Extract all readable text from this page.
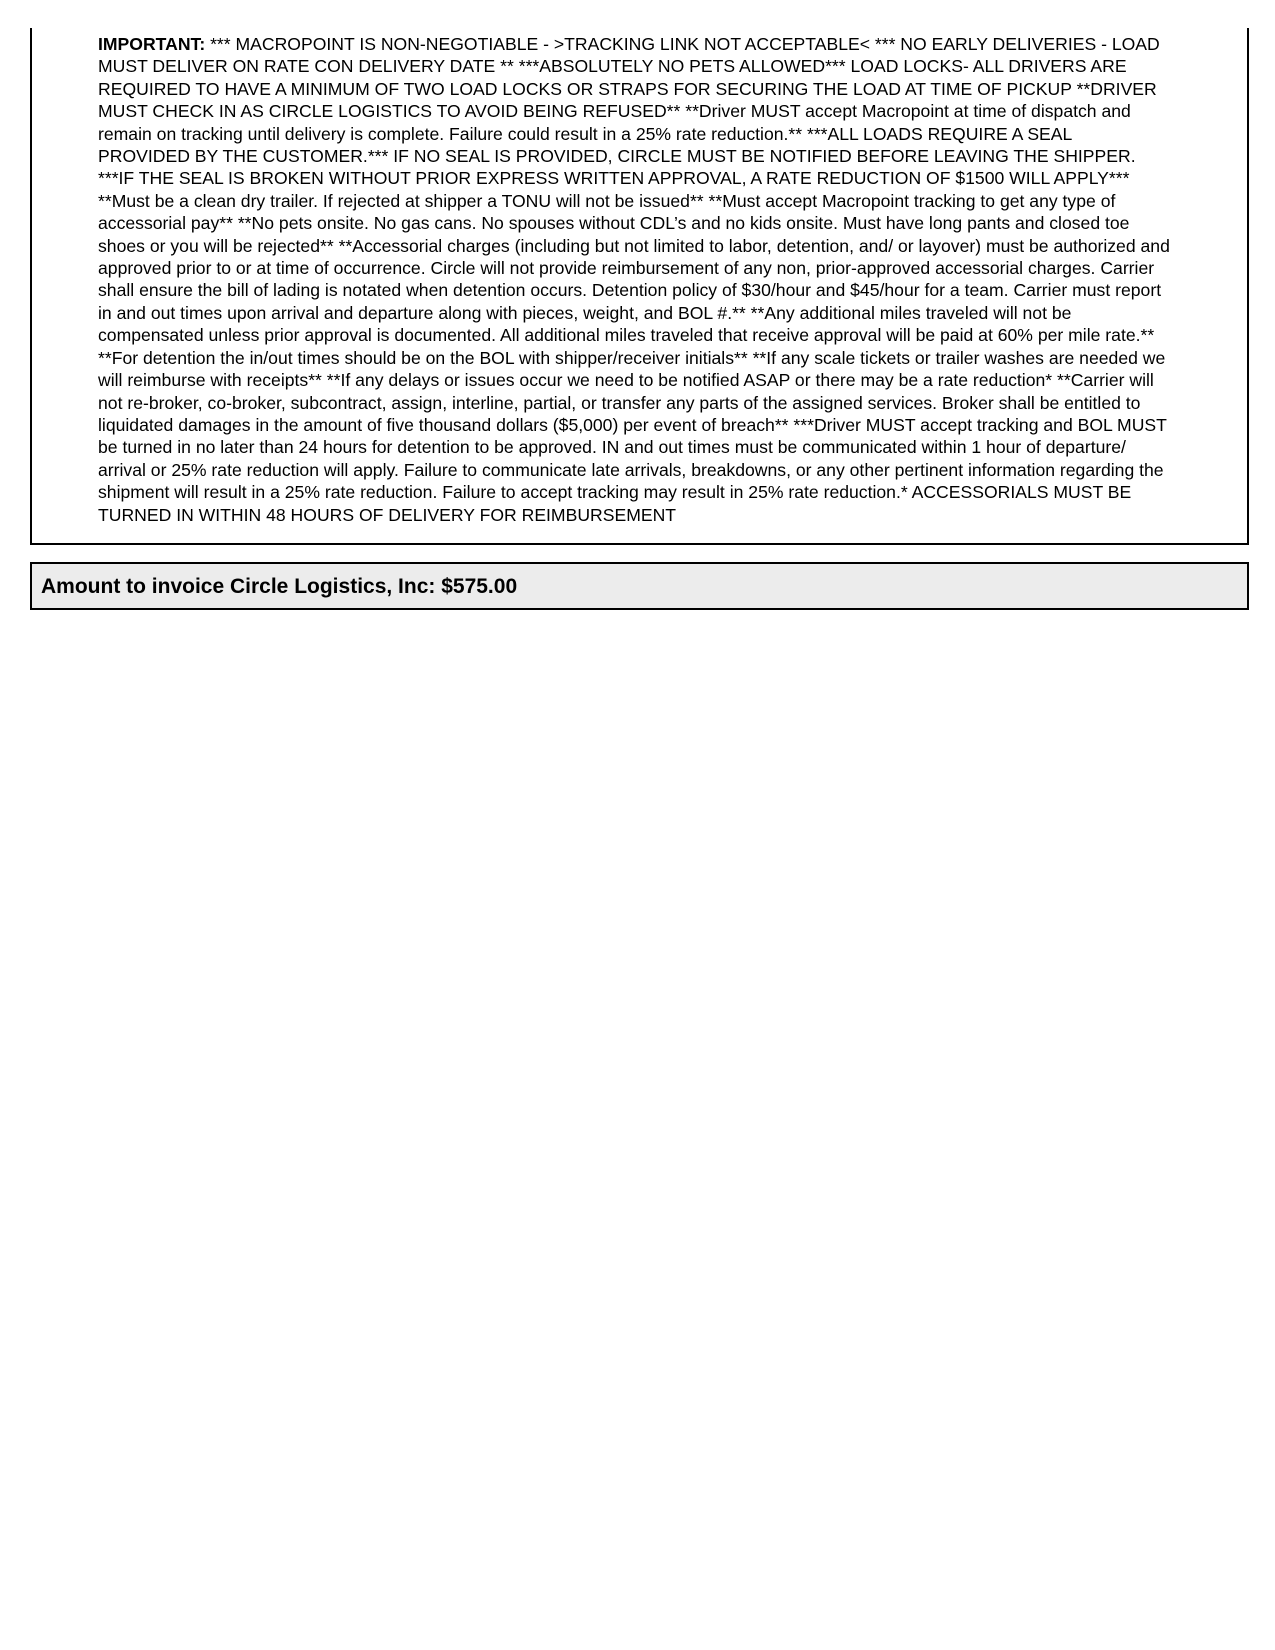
IMPORTANT: *** MACROPOINT IS NON-NEGOTIABLE - >TRACKING LINK NOT ACCEPTABLE< *** NO EARLY DELIVERIES - LOAD
MUST DELIVER ON RATE CON DELIVERY DATE ** ***ABSOLUTELY NO PETS ALLOWED*** LOAD LOCKS- ALL DRIVERS ARE
REQUIRED TO HAVE A MINIMUM OF TWO LOAD LOCKS OR STRAPS FOR SECURING THE LOAD AT TIME OF PICKUP **DRIVER
MUST CHECK IN AS CIRCLE LOGISTICS TO AVOID BEING REFUSED** **Driver MUST accept Macropoint at time of dispatch and
remain on tracking until delivery is complete. Failure could result in a 25% rate reduction.** ***ALL LOADS REQUIRE A SEAL
PROVIDED BY THE CUSTOMER.*** IF NO SEAL IS PROVIDED, CIRCLE MUST BE NOTIFIED BEFORE LEAVING THE SHIPPER.
***IF THE SEAL IS BROKEN WITHOUT PRIOR EXPRESS WRITTEN APPROVAL, A RATE REDUCTION OF $1500 WILL APPLY***
**Must be a clean dry trailer. If rejected at shipper a TONU will not be issued** **Must accept Macropoint tracking to get any type of
accessorial pay** **No pets onsite. No gas cans. No spouses without CDL’s and no kids onsite. Must have long pants and closed toe
shoes or you will be rejected** **Accessorial charges (including but not limited to labor, detention, and/ or layover) must be authorized and
approved prior to or at time of occurrence. Circle will not provide reimbursement of any non, prior-approved accessorial charges. Carrier
shall ensure the bill of lading is notated when detention occurs. Detention policy of $30/hour and $45/hour for a team. Carrier must report
in and out times upon arrival and departure along with pieces, weight, and BOL #.** **Any additional miles traveled will not be
compensated unless prior approval is documented. All additional miles traveled that receive approval will be paid at 60% per mile rate.**
**For detention the in/out times should be on the BOL with shipper/receiver initials** **If any scale tickets or trailer washes are needed we
will reimburse with receipts** **If any delays or issues occur we need to be notified ASAP or there may be a rate reduction* **Carrier will
not re-broker, co-broker, subcontract, assign, interline, partial, or transfer any parts of the assigned services. Broker shall be entitled to
liquidated damages in the amount of five thousand dollars ($5,000) per event of breach** ***Driver MUST accept tracking and BOL MUST
be turned in no later than 24 hours for detention to be approved. IN and out times must be communicated within 1 hour of departure/
arrival or 25% rate reduction will apply. Failure to communicate late arrivals, breakdowns, or any other pertinent information regarding the
shipment will result in a 25% rate reduction. Failure to accept tracking may result in 25% rate reduction.* ACCESSORIALS MUST BE
TURNED IN WITHIN 48 HOURS OF DELIVERY FOR REIMBURSEMENT

Amount to invoice Circle Logistics, Inc: $575.00
